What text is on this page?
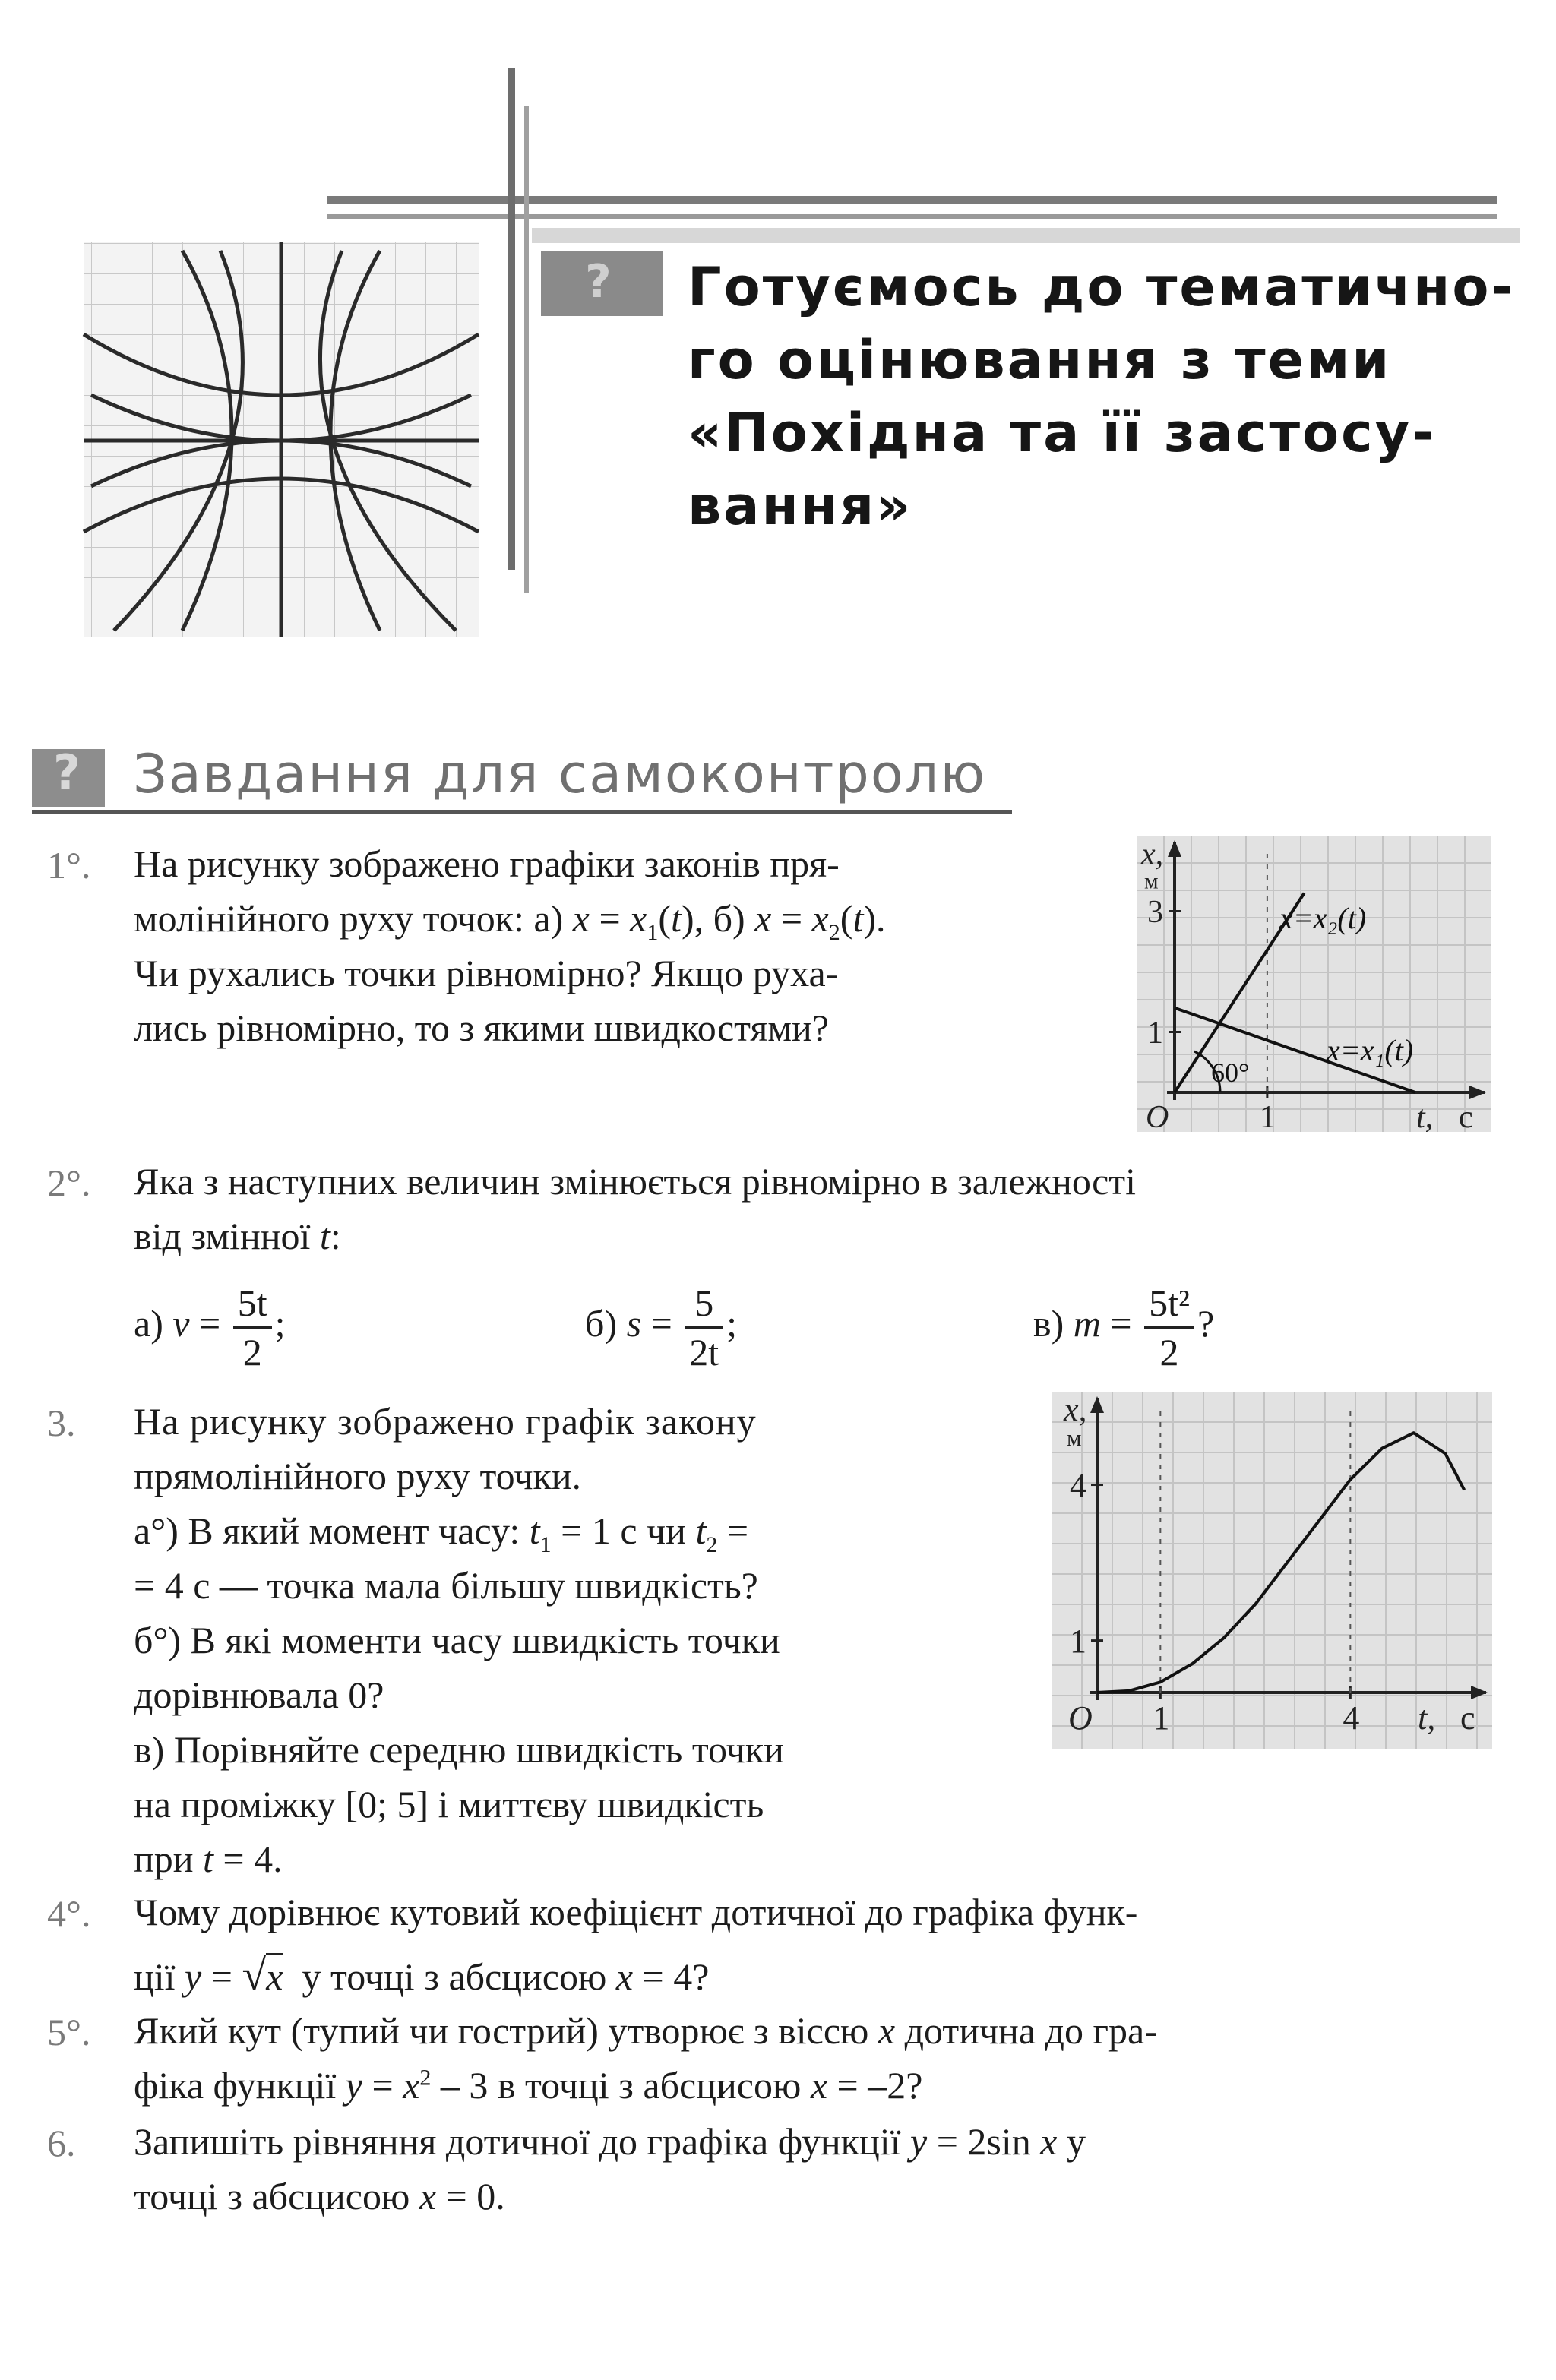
? Готуємось до тематично-
го оцінювання з теми
«Похідна та її застосу-
вання»
? Завдання для самоконтролю
1°. На рисунку зображено графіки законів пря-
молінійного руху точок: а) $x = x_1(t)$, б) $x = x_2(t)$.
Чи рухались точки рівномірно? Якщо руха-
лись рівномірно, то з якими швидкостями?
x,
м
t, с
O	1
1
3	x=x₂(t)
x=x₁(t)
60°
2°. Яка з наступних величин змінюється рівномірно в залежності
від змінної t:
а) $v = \frac{5t}{2}$ ;	б) $s = \frac{5}{2t}$ ;	в) $m = \frac{\text{5t²}}{2}$ ?
3. На рисунку зображено графік закону
прямолінійного руху точки.
а°) В який момент часу: $t_1 = 1$ с чи $t_2$ =
= 4 с — точка мала більшу швидкість?
б°) В які моменти часу швидкість точки
дорівнювала 0?
в) Порівняйте середню швидкість точки
на проміжку [0; 5] і миттєву швидкість
при t = 4.
x,
м
t, с
O 1	4
1
4
4°. Чому дорівнює кутовий коефіцієнт дотичної до графіка функ-
ції y = √x  у точці з абсцисою x = 4?
5°. Який кут (тупий чи гострий) утворює з віссю x дотична до гра-
фіка функції $y = x^2 - 3$ в точці з абсцисою x = –2?
6. Запишіть рівняння дотичної до графіка функції y = 2sin x у
точці з абсцисою x = 0.
